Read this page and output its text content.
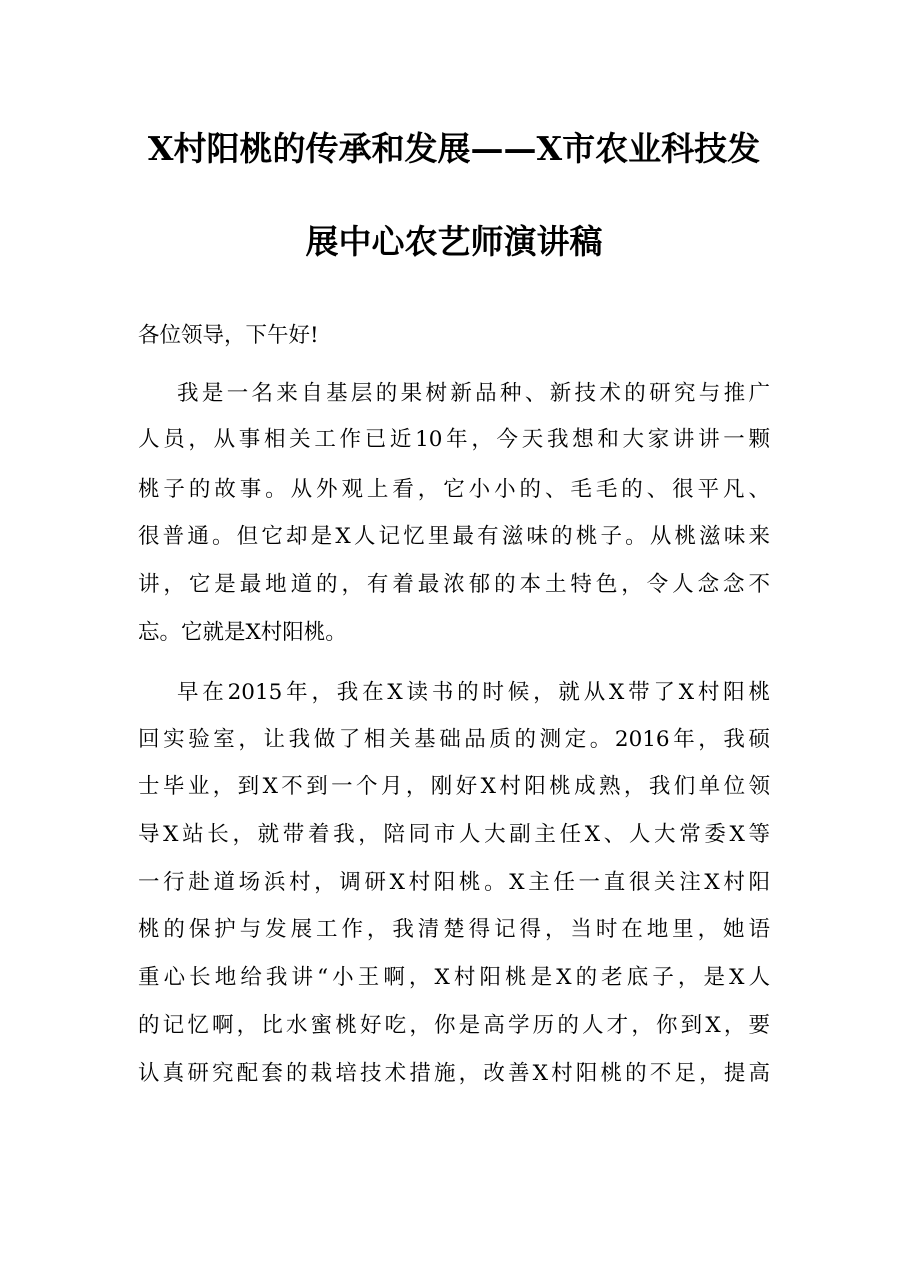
X村阳桃的传承和发展——X市农业科技发
展中心农艺师演讲稿
各位领导，下午好!
我是一名来自基层的果树新品种、新技术的研究与推广
人员，从事相关工作已近10年，今天我想和大家讲讲一颗
桃子的故事。从外观上看，它小小的、毛毛的、很平凡、
很普通。但它却是X人记忆里最有滋味的桃子。从桃滋味来
讲，它是最地道的，有着最浓郁的本土特色，令人念念不
忘。它就是X村阳桃。
早在2015年，我在X读书的时候，就从X带了X村阳桃
回实验室，让我做了相关基础品质的测定。2016年，我硕
士毕业，到X不到一个月，刚好X村阳桃成熟，我们单位领
导X站长，就带着我，陪同市人大副主任X、人大常委X等
一行赴道场浜村，调研X村阳桃。X主任一直很关注X村阳
桃的保护与发展工作，我清楚得记得，当时在地里，她语
重心长地给我讲“小王啊，X村阳桃是X的老底子，是X人
的记忆啊，比水蜜桃好吃，你是高学历的人才，你到X，要
认真研究配套的栽培技术措施，改善X村阳桃的不足，提高
